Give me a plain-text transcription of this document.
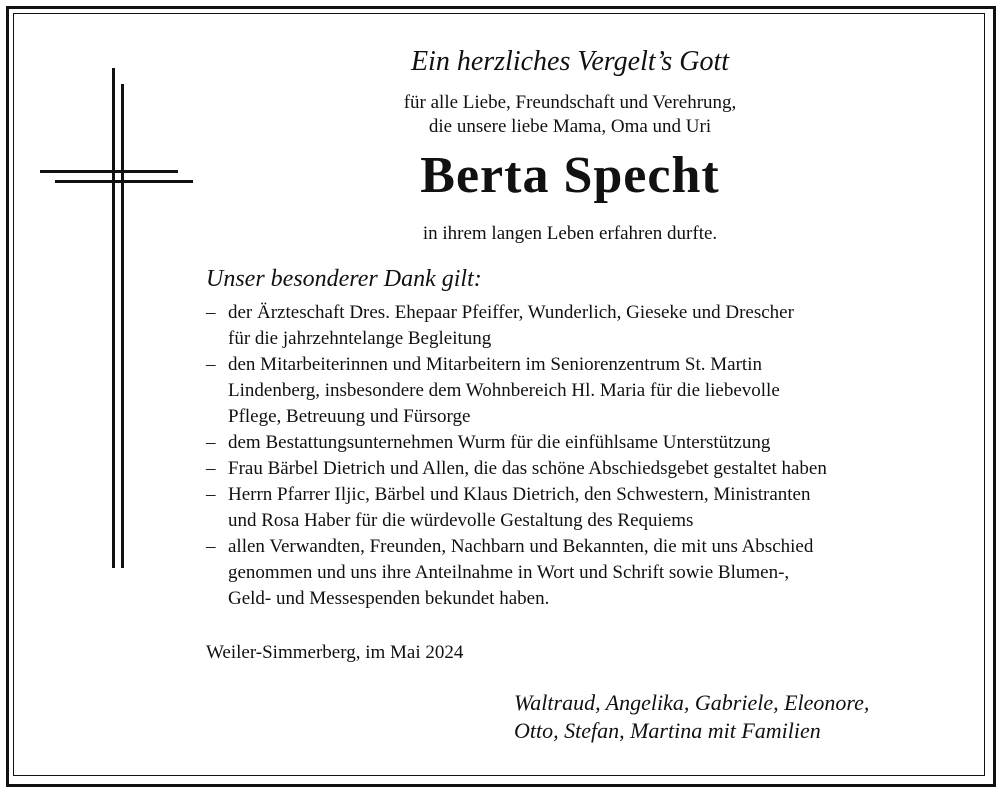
Ein herzliches Vergelt’s Gott
für alle Liebe, Freundschaft und Verehrung,
die unsere liebe Mama, Oma und Uri
Berta Specht
in ihrem langen Leben erfahren durfte.
Unser besonderer Dank gilt:
– der Ärzteschaft Dres. Ehepaar Pfeiffer, Wunderlich, Gieseke und Drescher
für die jahrzehntelange Begleitung
– den Mitarbeiterinnen und Mitarbeitern im Seniorenzentrum St. Martin
Lindenberg, insbesondere dem Wohnbereich Hl. Maria für die liebevolle
Pflege, Betreuung und Fürsorge
– dem Bestattungsunternehmen Wurm für die einfühlsame Unterstützung
– Frau Bärbel Dietrich und Allen, die das schöne Abschiedsgebet gestaltet haben
– Herrn Pfarrer Iljic, Bärbel und Klaus Dietrich, den Schwestern, Ministranten
und Rosa Haber für die würdevolle Gestaltung des Requiems
– allen Verwandten, Freunden, Nachbarn und Bekannten, die mit uns Abschied
genommen und uns ihre Anteilnahme in Wort und Schrift sowie Blumen-,
Geld- und Messespenden bekundet haben.
Weiler-Simmerberg, im Mai 2024
Waltraud, Angelika, Gabriele, Eleonore,
Otto, Stefan, Martina mit Familien
